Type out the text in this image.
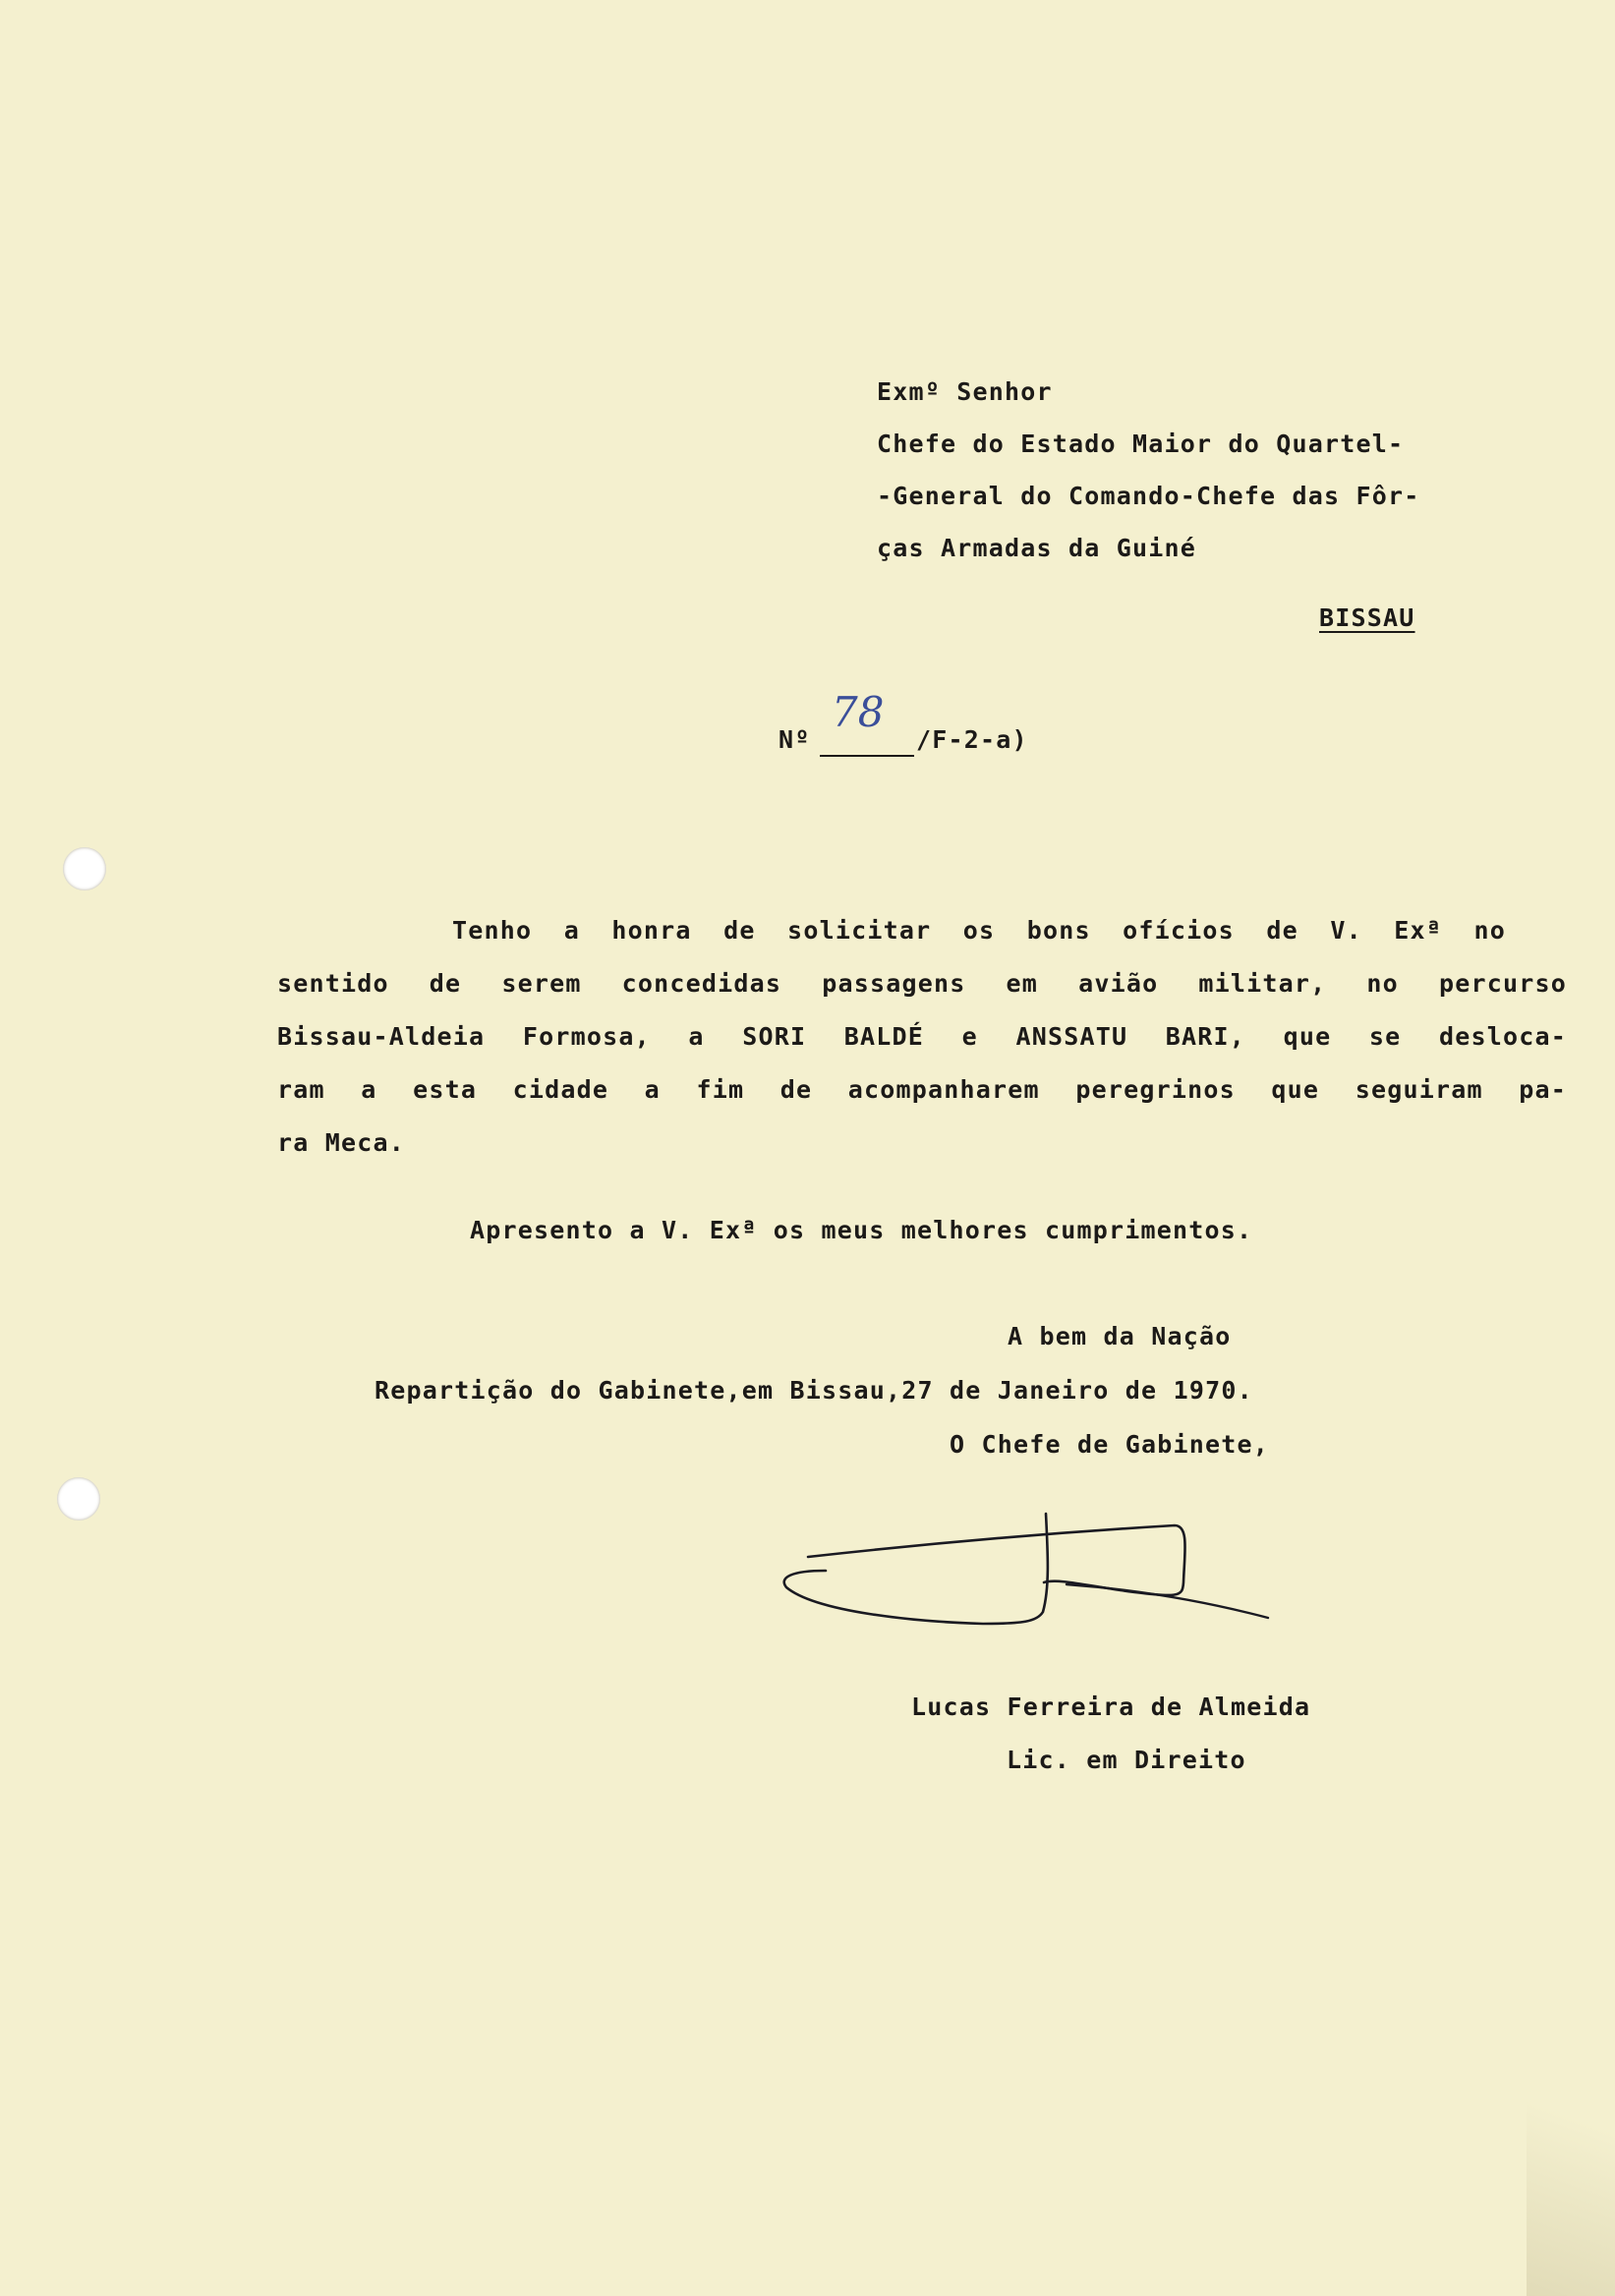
Exmº Senhor
Chefe do Estado Maior do Quartel-
-General do Comando-Chefe das Fôr-
ças Armadas da Guiné
BISSAU
Nº
78
/F-2-a)
Tenho a honra de solicitar os bons ofícios de V. Exª no
sentido de serem concedidas passagens em avião militar, no percurso
Bissau-Aldeia Formosa, a SORI BALDÉ e ANSSATU BARI, que se desloca-
ram a esta cidade a fim de acompanharem peregrinos que seguiram pa-
ra Meca.
Apresento a V. Exª os meus melhores cumprimentos.
A bem da Nação
Repartição do Gabinete,em Bissau,27 de Janeiro de 1970.
O Chefe de Gabinete,
Lucas Ferreira de Almeida
Lic. em Direito
